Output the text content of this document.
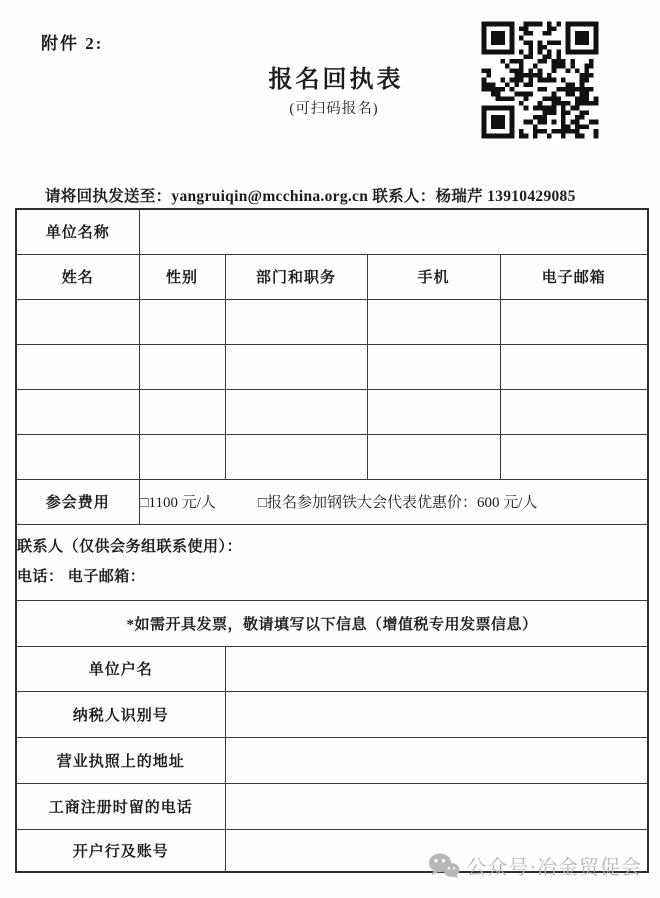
附件 2:
报名回执表
(可扫码报名)
请将回执发送至：yangruiqin@mcchina.org.cn 联系人：杨瑞芹 13910429085
单位名称				
姓名	性别	部门和职务	手机	电子邮箱

参会费用	□1100 元/人 □报名参加钢铁大会代表优惠价：600 元/人			

联系人（仅供会务组联系使用）：
电话： 电子邮箱：				

*如需开具发票，敬请填写以下信息（增值税专用发票信息）				
单位户名				
纳税人识别号				
营业执照上的地址				
工商注册时留的电话				
开户行及账号				
公众号·冶金贸促会
